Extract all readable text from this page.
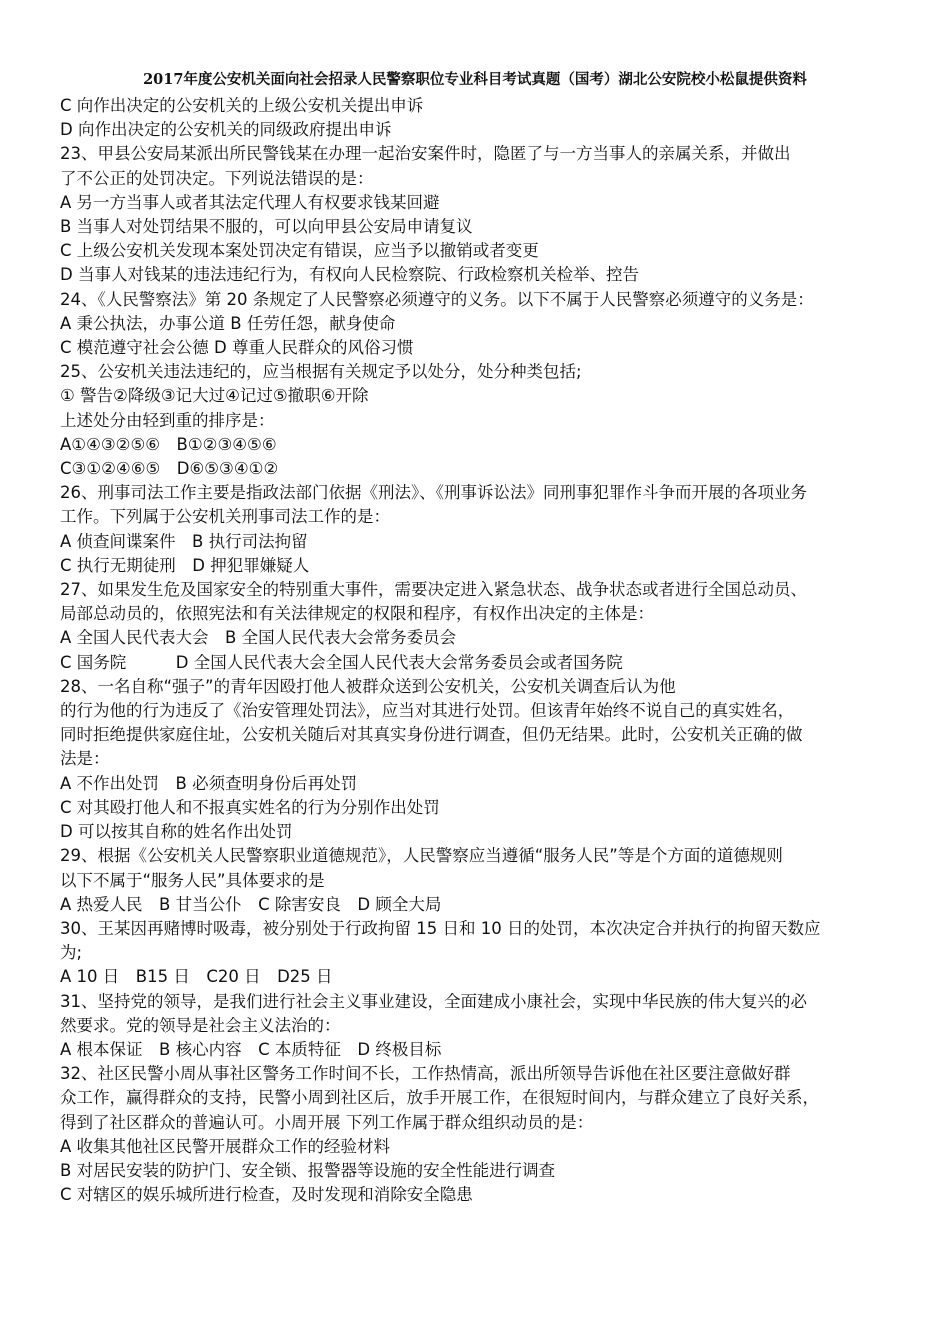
2017年度公安机关面向社会招录人民警察职位专业科目考试真题（国考）湖北公安院校小松鼠提供资料
C 向作出决定的公安机关的上级公安机关提出申诉
D 向作出决定的公安机关的同级政府提出申诉
23、甲县公安局某派出所民警钱某在办理一起治安案件时，隐匿了与一方当事人的亲属关系，并做出
了不公正的处罚决定。下列说法错误的是：
A 另一方当事人或者其法定代理人有权要求钱某回避
B 当事人对处罚结果不服的，可以向甲县公安局申请复议
C 上级公安机关发现本案处罚决定有错误，应当予以撤销或者变更
D 当事人对钱某的违法违纪行为，有权向人民检察院、行政检察机关检举、控告
24、《人民警察法》第 20 条规定了人民警察必须遵守的义务。以下不属于人民警察必须遵守的义务是：
A 秉公执法，办事公道 B 任劳任怨，献身使命
C 模范遵守社会公德 D 尊重人民群众的风俗习惯
25、公安机关违法违纪的，应当根据有关规定予以处分，处分种类包括;
① 警告②降级③记大过④记过⑤撤职⑥开除
上述处分由轻到重的排序是：
A①④③②⑤⑥　B①②③④⑤⑥
C③①②④⑥⑤　D⑥⑤③④①②
26、刑事司法工作主要是指政法部门依据《刑法》、《刑事诉讼法》同刑事犯罪作斗争而开展的各项业务
工作。下列属于公安机关刑事司法工作的是：
A 侦查间谍案件　B 执行司法拘留
C 执行无期徒刑　D 押犯罪嫌疑人
27、如果发生危及国家安全的特别重大事件，需要决定进入紧急状态、战争状态或者进行全国总动员、
局部总动员的，依照宪法和有关法律规定的权限和程序，有权作出决定的主体是：
A 全国人民代表大会　B 全国人民代表大会常务委员会
C 国务院　　　D 全国人民代表大会全国人民代表大会常务委员会或者国务院
28、一名自称“强子”的青年因殴打他人被群众送到公安机关，公安机关调查后认为他
的行为他的行为违反了《治安管理处罚法》，应当对其进行处罚。但该青年始终不说自己的真实姓名，
同时拒绝提供家庭住址，公安机关随后对其真实身份进行调查，但仍无结果。此时，公安机关正确的做
法是：
A 不作出处罚　B 必须查明身份后再处罚
C 对其殴打他人和不报真实姓名的行为分别作出处罚
D 可以按其自称的姓名作出处罚
29、根据《公安机关人民警察职业道德规范》，人民警察应当遵循“服务人民”等是个方面的道德规则
以下不属于“服务人民”具体要求的是
A 热爱人民　B 甘当公仆　C 除害安良　D 顾全大局
30、王某因再赌博时吸毒，被分别处于行政拘留 15 日和 10 日的处罚，本次决定合并执行的拘留天数应
为;
A 10 日　B15 日　C20 日　D25 日
31、坚持党的领导，是我们进行社会主义事业建设，全面建成小康社会，实现中华民族的伟大复兴的必
然要求。党的领导是社会主义法治的：
A 根本保证　B 核心内容　C 本质特征　D 终极目标
32、社区民警小周从事社区警务工作时间不长，工作热情高，派出所领导告诉他在社区要注意做好群
众工作，赢得群众的支持，民警小周到社区后，放手开展工作，在很短时间内，与群众建立了良好关系，
得到了社区群众的普遍认可。小周开展 下列工作属于群众组织动员的是：
A 收集其他社区民警开展群众工作的经验材料
B 对居民安装的防护门、安全锁、报警器等设施的安全性能进行调查
C 对辖区的娱乐城所进行检查，及时发现和消除安全隐患
